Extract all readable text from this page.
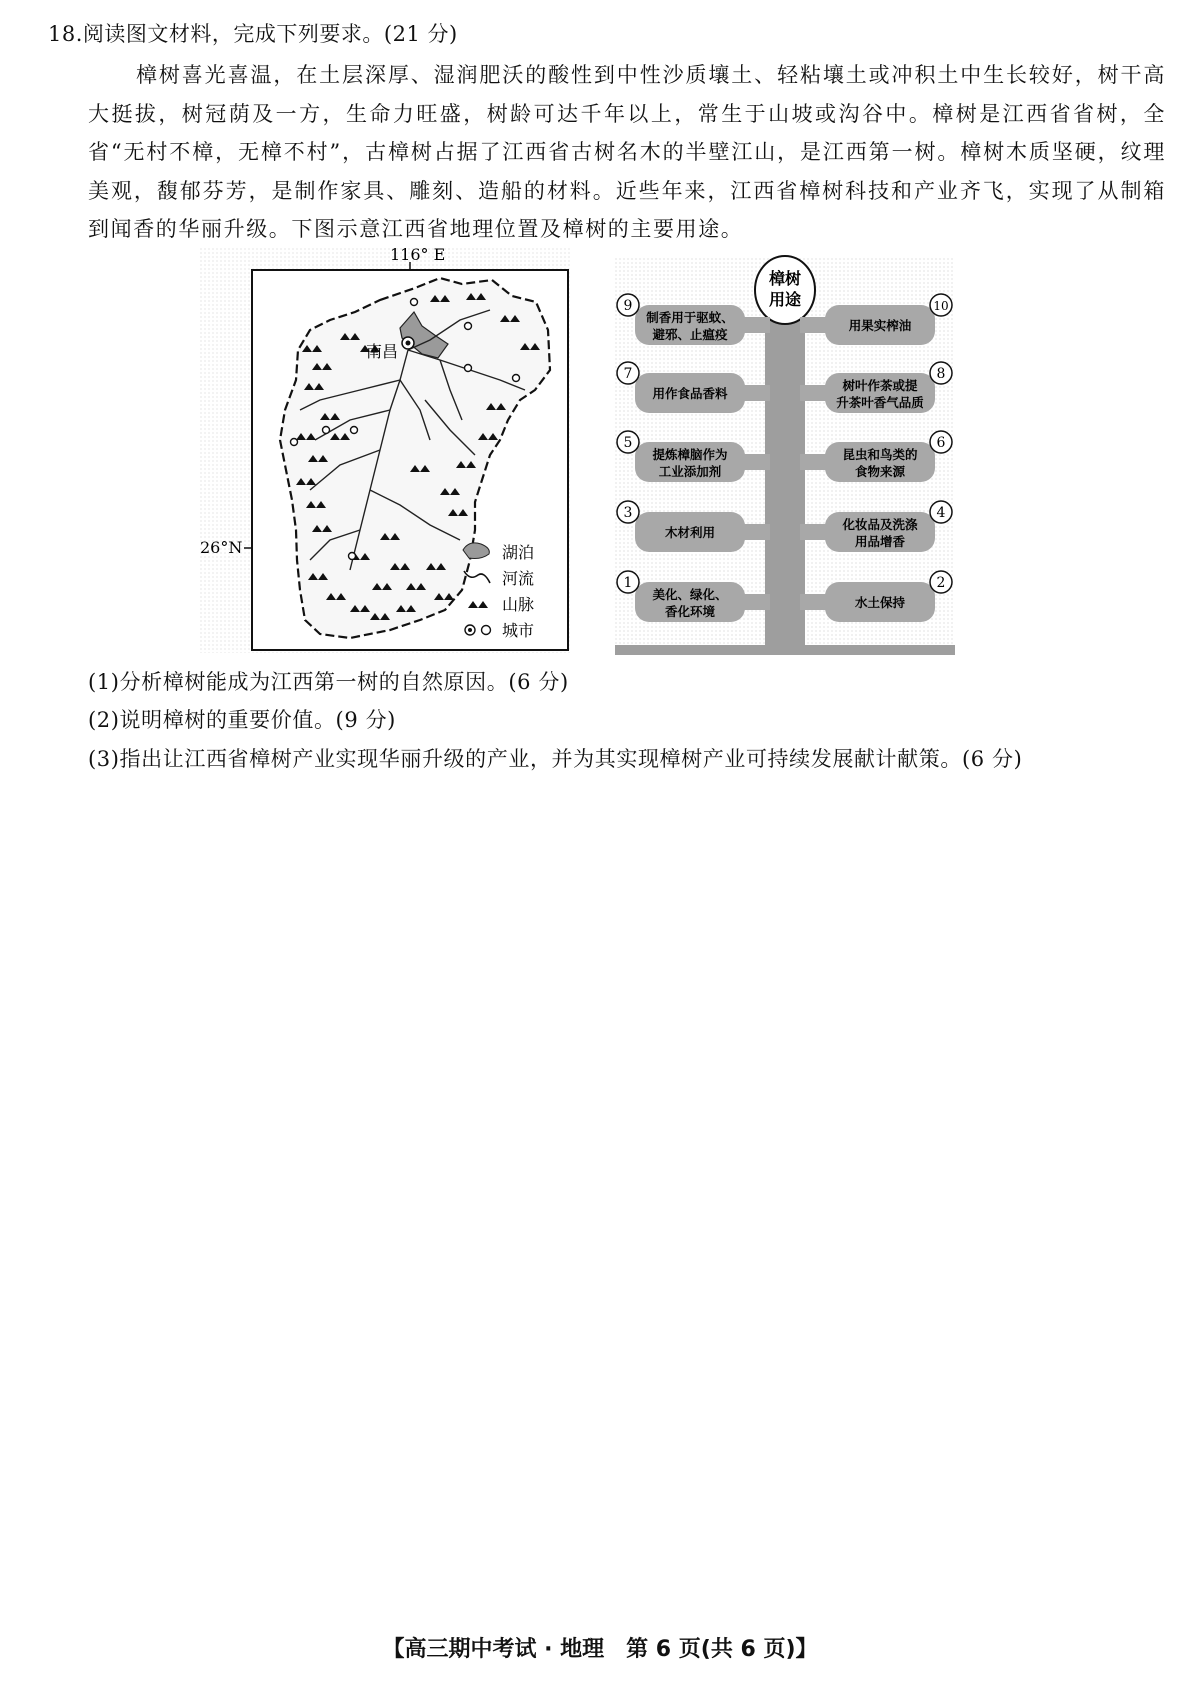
18.阅读图文材料，完成下列要求。(21 分)

樟树喜光喜温，在土层深厚、湿润肥沃的酸性到中性沙质壤土、轻粘壤土或冲积土中生长较好，树干高大挺拔，树冠荫及一方，生命力旺盛，树龄可达千年以上，常生于山坡或沟谷中。樟树是江西省省树，全省“无村不樟，无樟不村”，古樟树占据了江西省古树名木的半壁江山，是江西第一树。樟树木质坚硬，纹理美观，馥郁芬芳，是制作家具、雕刻、造船的材料。近些年来，江西省樟树科技和产业齐飞，实现了从制箱到闻香的华丽升级。下图示意江西省地理位置及樟树的主要用途。

116° E
26°N
南昌
湖泊
河流
山脉
城市
樟树
用途
9
制香用于驱蚊、
避邪、止瘟疫
10
用果实榨油
7
用作食品香料
8
树叶作茶或提
升茶叶香气品质
5
提炼樟脑作为
工业添加剂
6
昆虫和鸟类的
食物来源
3
木材利用
4
化妆品及洗涤
用品增香
1
美化、绿化、
香化环境
2
水土保持
(1)分析樟树能成为江西第一树的自然原因。(6 分)
(2)说明樟树的重要价值。(9 分)
(3)指出让江西省樟树产业实现华丽升级的产业，并为其实现樟树产业可持续发展献计献策。(6 分)
【高三期中考试 · 地理　第 6 页(共 6 页)】
